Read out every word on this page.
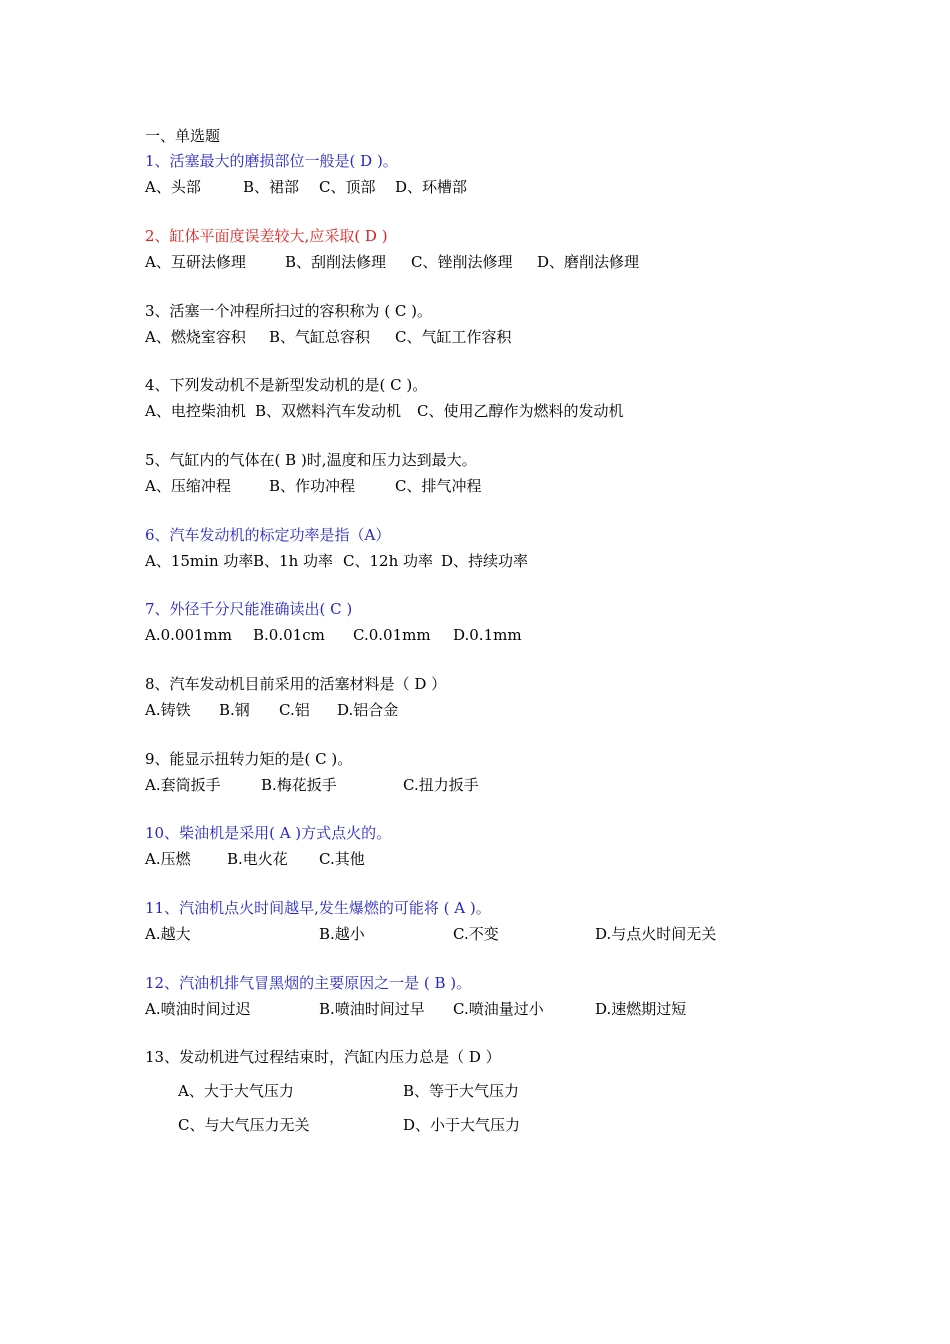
一、单选题
1、活塞最大的磨损部位一般是( D )。
A、头部	B、裙部 C、顶部 D、环槽部
2、缸体平面度误差较大,应采取( D )
A、互研法修理	B、刮削法修理 C、锉削法修理 D、磨削法修理
3、活塞一个冲程所扫过的容积称为 ( C )。
A、燃烧室容积 B、气缸总容积 C、气缸工作容积
4、下列发动机不是新型发动机的是( C )。
A、电控柴油机 B、双燃料汽车发动机 C、使用乙醇作为燃料的发动机
5、气缸内的气体在( B )时,温度和压力达到最大。
A、压缩冲程	B、作功冲程	C、排气冲程
6、汽车发动机的标定功率是指（A）
A、15min 功率 B、1h 功率 C、12h 功率 D、持续功率
7、外径千分尺能准确读出( C )
A.0.001mm B.0.01cm C.0.01mm D.0.1mm
8、汽车发动机目前采用的活塞材料是（ D ）
A.铸铁 B.钢 C.铝 D.铝合金
9、能显示扭转力矩的是( C )。
A.套筒扳手	B.梅花扳手	C.扭力扳手
10、柴油机是采用( A )方式点火的。
A.压燃 B.电火花 C.其他
11、汽油机点火时间越早,发生爆燃的可能将 ( A )。
A.越大	B.越小	C.不变	D.与点火时间无关
12、汽油机排气冒黑烟的主要原因之一是 ( B )。
A.喷油时间过迟	B.喷油时间过早 C.喷油量过小	D.速燃期过短
13、发动机进气过程结束时，汽缸内压力总是（ D ）
A、大于大气压力	B、等于大气压力
C、与大气压力无关	D、小于大气压力
